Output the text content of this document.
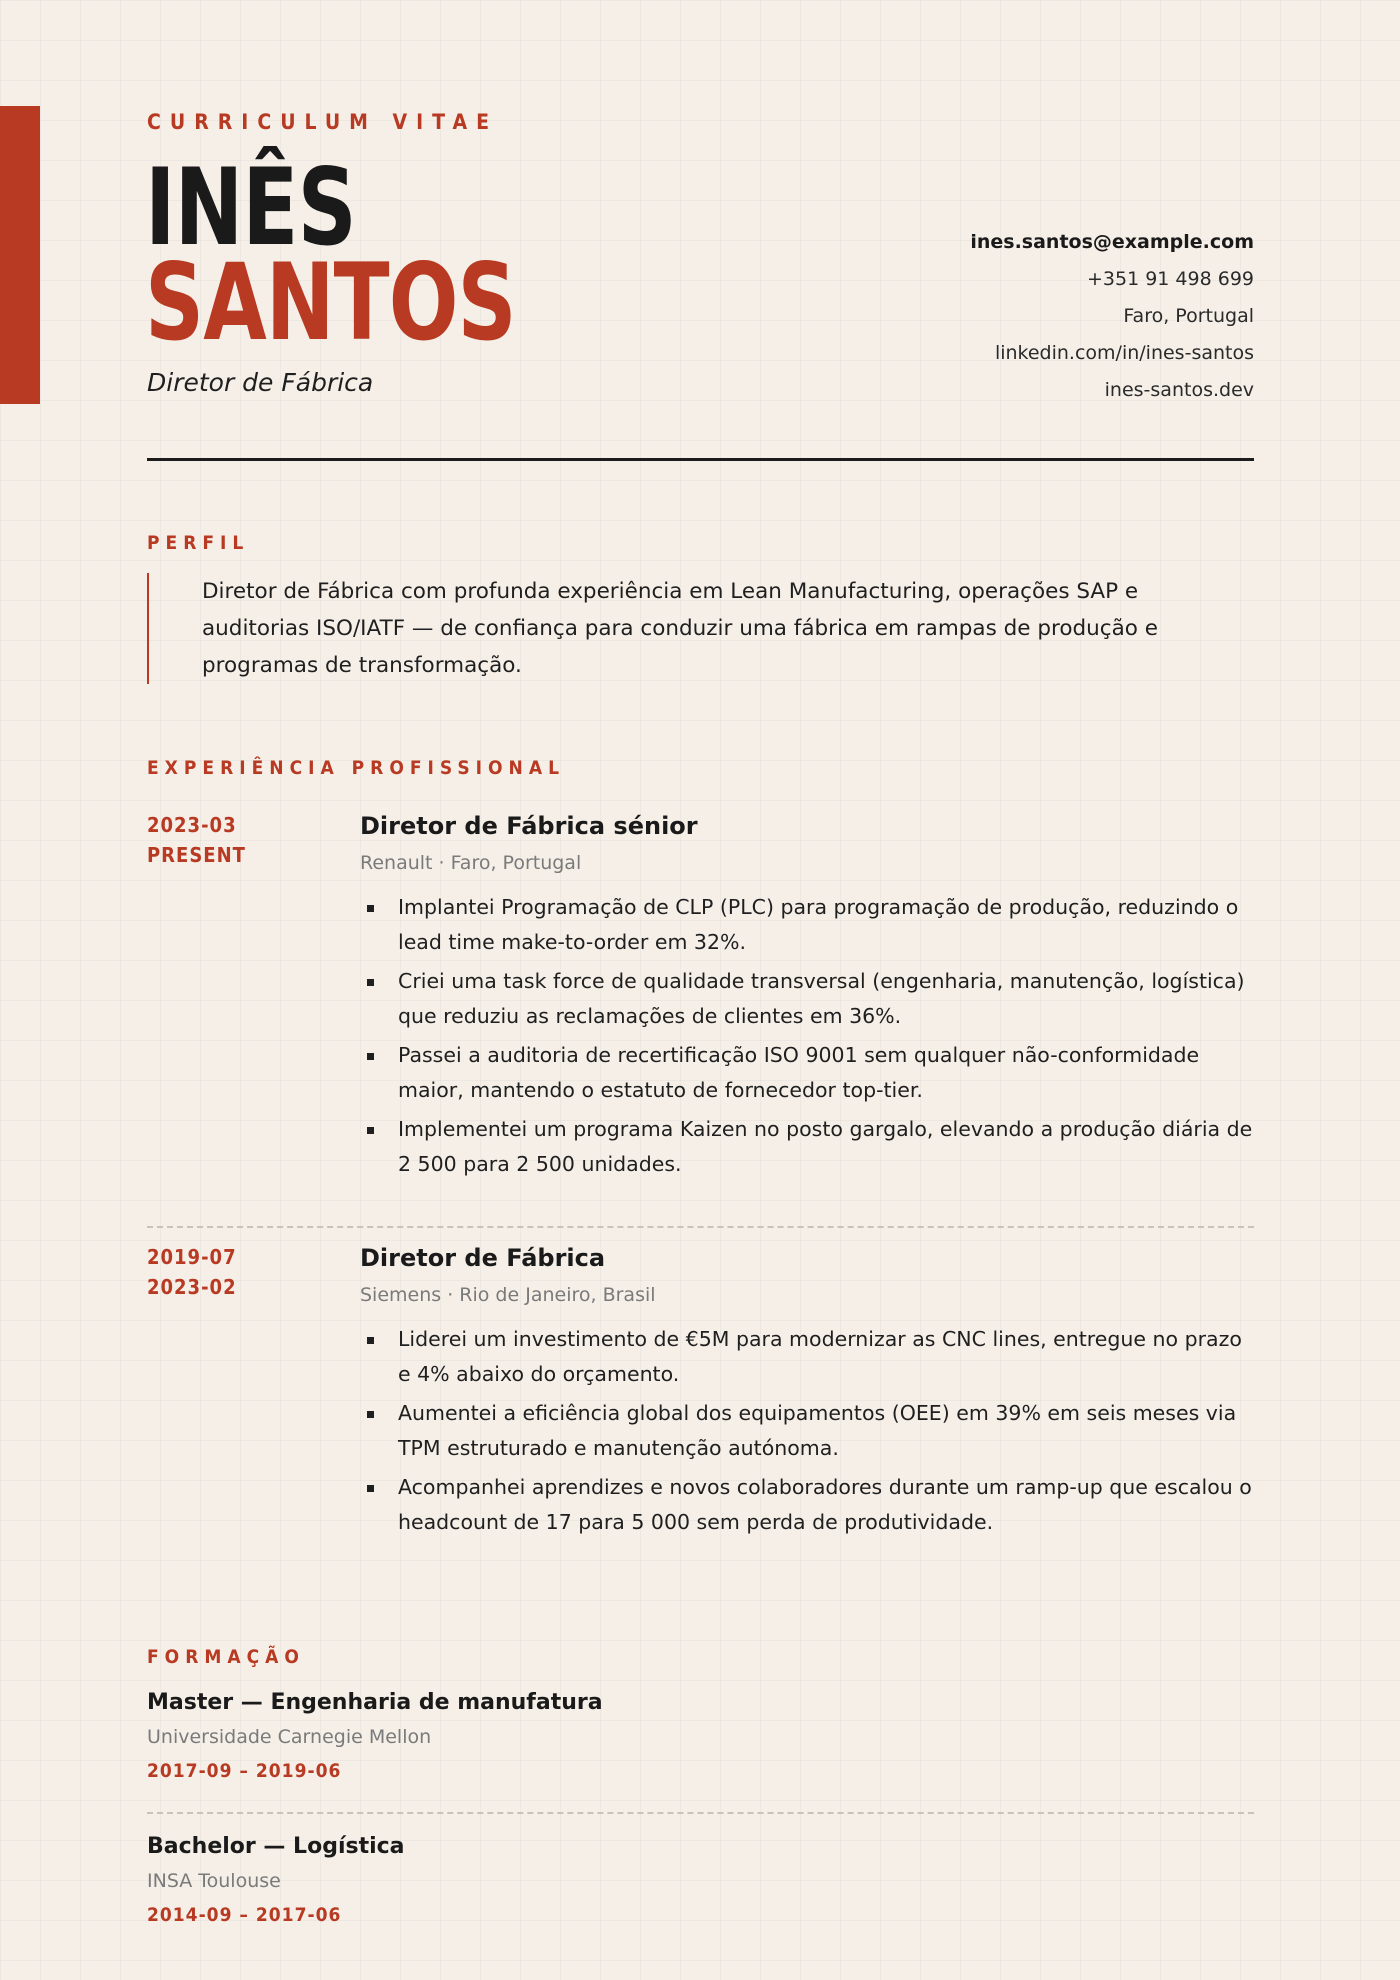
CURRICULUM VITAE
INÊS
SANTOS
Diretor de Fábrica
ines.santos@example.com
+351 91 498 699
Faro, Portugal
linkedin.com/in/ines-santos
ines-santos.dev
PERFIL
Diretor de Fábrica com profunda experiência em Lean Manufacturing, operações SAP e auditorias ISO/IATF — de confiança para conduzir uma fábrica em rampas de produção e programas de transformação.
EXPERIÊNCIA PROFISSIONAL
2023-03
PRESENT
Diretor de Fábrica sénior
Renault · Faro, Portugal
Implantei Programação de CLP (PLC) para programação de produção, reduzindo o lead time make-to-order em 32%.
Criei uma task force de qualidade transversal (engenharia, manutenção, logística) que reduziu as reclamações de clientes em 36%.
Passei a auditoria de recertificação ISO 9001 sem qualquer não-conformidade maior, mantendo o estatuto de fornecedor top-tier.
Implementei um programa Kaizen no posto gargalo, elevando a produção diária de 2 500 para 2 500 unidades.
2019-07
2023-02
Diretor de Fábrica
Siemens · Rio de Janeiro, Brasil
Liderei um investimento de €5M para modernizar as CNC lines, entregue no prazo e 4% abaixo do orçamento.
Aumentei a eficiência global dos equipamentos (OEE) em 39% em seis meses via TPM estruturado e manutenção autónoma.
Acompanhei aprendizes e novos colaboradores durante um ramp-up que escalou o headcount de 17 para 5 000 sem perda de produtividade.
FORMAÇÃO
Master — Engenharia de manufatura
Universidade Carnegie Mellon
2017-09 – 2019-06
Bachelor — Logística
INSA Toulouse
2014-09 – 2017-06
